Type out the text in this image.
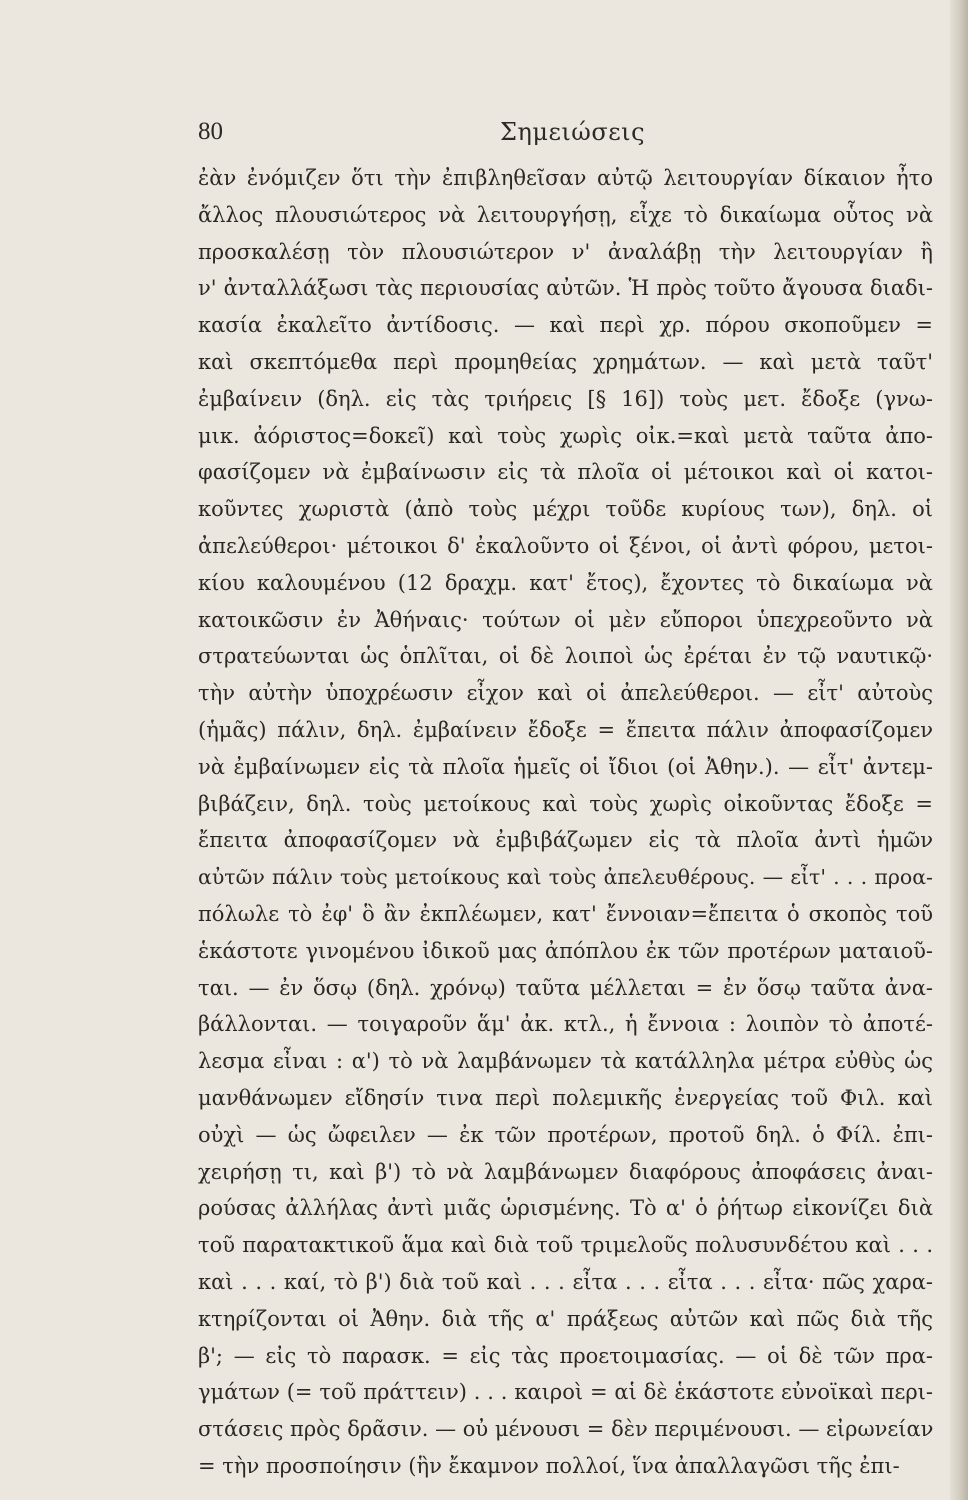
80	Σημειώσεις
ἐὰν ἐνόμιζεν ὅτι τὴν ἐπιβληθεῖσαν αὐτῷ λειτουργίαν δίκαιον ἦτο
ἄλλος πλουσιώτερος νὰ λειτουργήσῃ, εἶχε τὸ δικαίωμα οὗτος νὰ
προσκαλέσῃ τὸν πλουσιώτερον ν' ἀναλάβῃ τὴν λειτουργίαν ἢ
ν' ἀνταλλάξωσι τὰς περιουσίας αὐτῶν. Ἡ πρὸς τοῦτο ἄγουσα διαδι-
κασία ἐκαλεῖτο ἀντίδοσις. — καὶ περὶ χρ. πόρου σκοποῦμεν =
καὶ σκεπτόμεθα περὶ προμηθείας χρημάτων. — καὶ μετὰ ταῦτ'
ἐμβαίνειν (δηλ. εἰς τὰς τριήρεις [§ 16]) τοὺς μετ. ἔδοξε (γνω-
μικ. ἀόριστος=δοκεῖ) καὶ τοὺς χωρὶς οἰκ.=καὶ μετὰ ταῦτα ἀπο-
φασίζομεν νὰ ἐμβαίνωσιν εἰς τὰ πλοῖα οἱ μέτοικοι καὶ οἱ κατοι-
κοῦντες χωριστὰ (ἀπὸ τοὺς μέχρι τοῦδε κυρίους των), δηλ. οἱ
ἀπελεύθεροι· μέτοικοι δ' ἐκαλοῦντο οἱ ξένοι, οἱ ἀντὶ φόρου, μετοι-
κίου καλουμένου (12 δραχμ. κατ' ἔτος), ἔχοντες τὸ δικαίωμα νὰ
κατοικῶσιν ἐν Ἀθήναις· τούτων οἱ μὲν εὔποροι ὑπεχρεοῦντο νὰ
στρατεύωνται ὡς ὁπλῖται, οἱ δὲ λοιποὶ ὡς ἐρέται ἐν τῷ ναυτικῷ·
τὴν αὐτὴν ὑποχρέωσιν εἶχον καὶ οἱ ἀπελεύθεροι. — εἶτ' αὐτοὺς
(ἡμᾶς) πάλιν, δηλ. ἐμβαίνειν ἔδοξε = ἔπειτα πάλιν ἀποφασίζομεν
νὰ ἐμβαίνωμεν εἰς τὰ πλοῖα ἡμεῖς οἱ ἴδιοι (οἱ Ἀθην.). — εἶτ' ἀντεμ-
βιβάζειν, δηλ. τοὺς μετοίκους καὶ τοὺς χωρὶς οἰκοῦντας ἔδοξε =
ἔπειτα ἀποφασίζομεν νὰ ἐμβιβάζωμεν εἰς τὰ πλοῖα ἀντὶ ἡμῶν
αὐτῶν πάλιν τοὺς μετοίκους καὶ τοὺς ἀπελευθέρους. — εἶτ' . . . προα-
πόλωλε τὸ ἐφ' ὃ ἂν ἐκπλέωμεν, κατ' ἔννοιαν=ἔπειτα ὁ σκοπὸς τοῦ
ἑκάστοτε γινομένου ἰδικοῦ μας ἀπόπλου ἐκ τῶν προτέρων ματαιοῦ-
ται. — ἐν ὅσῳ (δηλ. χρόνῳ) ταῦτα μέλλεται = ἐν ὅσῳ ταῦτα ἀνα-
βάλλονται. — τοιγαροῦν ἅμ' ἀκ. κτλ., ἡ ἔννοια : λοιπὸν τὸ ἀποτέ-
λεσμα εἶναι : α') τὸ νὰ λαμβάνωμεν τὰ κατάλληλα μέτρα εὐθὺς ὡς
μανθάνωμεν εἴδησίν τινα περὶ πολεμικῆς ἐνεργείας τοῦ Φιλ. καὶ
οὐχὶ — ὡς ὤφειλεν — ἐκ τῶν προτέρων, προτοῦ δηλ. ὁ Φίλ. ἐπι-
χειρήσῃ τι, καὶ β') τὸ νὰ λαμβάνωμεν διαφόρους ἀποφάσεις ἀναι-
ρούσας ἀλλήλας ἀντὶ μιᾶς ὡρισμένης. Τὸ α' ὁ ῥήτωρ εἰκονίζει διὰ
τοῦ παρατακτικοῦ ἅμα καὶ διὰ τοῦ τριμελοῦς πολυσυνδέτου καὶ . . .
καὶ . . . καί, τὸ β') διὰ τοῦ καὶ . . . εἶτα . . . εἶτα . . . εἶτα· πῶς χαρα-
κτηρίζονται οἱ Ἀθην. διὰ τῆς α' πράξεως αὐτῶν καὶ πῶς διὰ τῆς
β'; — εἰς τὸ παρασκ. = εἰς τὰς προετοιμασίας. — οἱ δὲ τῶν πρα-
γμάτων (= τοῦ πράττειν) . . . καιροὶ = αἱ δὲ ἑκάστοτε εὐνοϊκαὶ περι-
στάσεις πρὸς δρᾶσιν. — οὐ μένουσι = δὲν περιμένουσι. — εἰρωνείαν
= τὴν προσποίησιν (ἣν ἔκαμνον πολλοί, ἵνα ἀπαλλαγῶσι τῆς ἐπι-
